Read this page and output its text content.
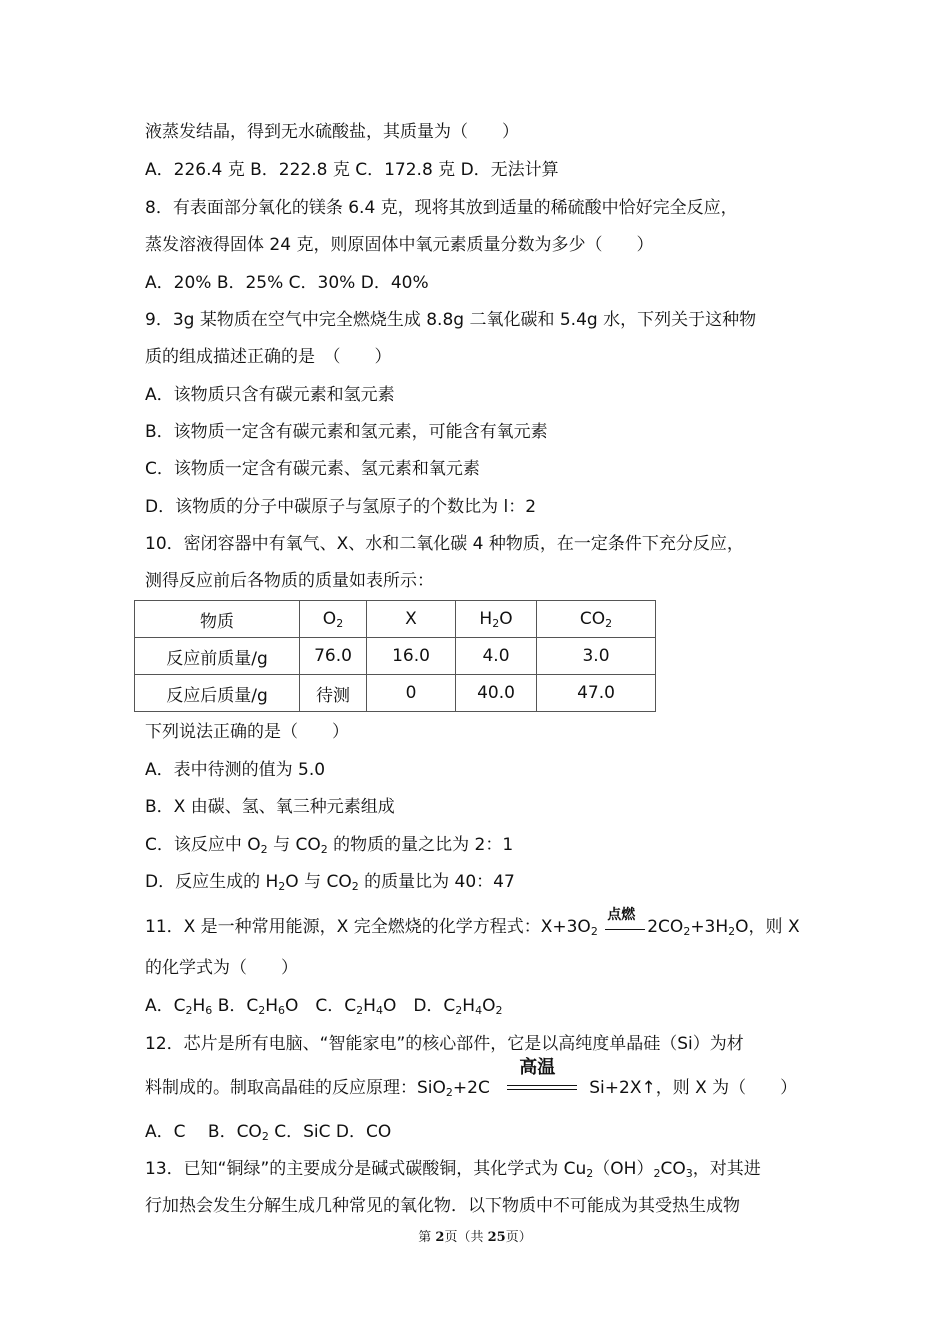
液蒸发结晶，得到无水硫酸盐，其质量为（　　）
A．226.4 克 B．222.8 克 C．172.8 克 D．无法计算
8．有表面部分氧化的镁条 6.4 克，现将其放到适量的稀硫酸中恰好完全反应，
蒸发溶液得固体 24 克，则原固体中氧元素质量分数为多少（　　）
A．20% B．25% C．30% D．40%
9．3g 某物质在空气中完全燃烧生成 8.8g 二氧化碳和 5.4g 水，下列关于这种物
质的组成描述正确的是　（　　）
A．该物质只含有碳元素和氢元素
B．该物质一定含有碳元素和氢元素，可能含有氧元素
C．该物质一定含有碳元素、氢元素和氧元素
D．该物质的分子中碳原子与氢原子的个数比为 l：2
10．密闭容器中有氧气、X、水和二氧化碳 4 种物质，在一定条件下充分反应，
测得反应前后各物质的质量如表所示：
物质	$O_2$	X	$H_2O$	$CO_2$
反应前质量/g	76.0	16.0	4.0	3.0
反应后质量/g	待测	0	40.0	47.0
下列说法正确的是（　　）
A．表中待测的值为 5.0
B．X 由碳、氢、氧三种元素组成
C．该反应中 $O_2$ 与 $CO_2$ 的物质的量之比为 2：1
D．反应生成的 $H_2O$ 与 $CO_2$ 的质量比为 40：47
11．X 是一种常用能源，X 完全燃烧的化学方程式：$X+3O_2$
点燃
$2CO_2+3H_2O$，则 X
的化学式为（　　）
A．$C_2H_6$ B．$C_2H_6O$　C．$C_2H_4O$　D．$C_2H_4O_2$
12．芯片是所有电脑、“智能家电”的核心部件，它是以高纯度单晶硅（Si）为材
料制成的。制取高晶硅的反应原理：SiO$_2$+2C
高温
Si+2X↑，则 X 为（　　）
A．C　 B．$CO_2$ C．SiC D．CO
13．已知“铜绿”的主要成分是碱式碳酸铜，其化学式为 $Cu_2(OH)_2CO_3$，对其进
行加热会发生分解生成几种常见的氧化物．以下物质中不可能成为其受热生成物
第 2页（共 25页）
